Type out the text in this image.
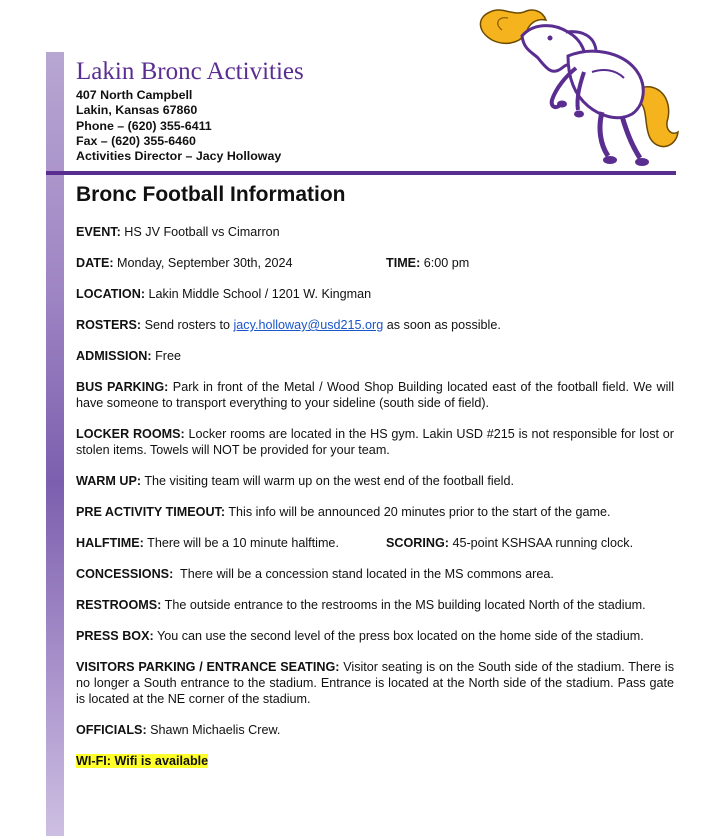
Lakin Bronc Activities
407 North Campbell
Lakin, Kansas 67860
Phone – (620) 355-6411
Fax – (620) 355-6460
Activities Director – Jacy Holloway
Bronc Football Information

EVENT: HS JV Football vs Cimarron

DATE: Monday, September 30th, 2024	TIME: 6:00 pm

LOCATION: Lakin Middle School / 1201 W. Kingman

ROSTERS: Send rosters to jacy.holloway@usd215.org as soon as possible.

ADMISSION: Free

BUS PARKING: Park in front of the Metal / Wood Shop Building located east of the football field. We will have someone to transport everything to your sideline (south side of field).

LOCKER ROOMS: Locker rooms are located in the HS gym. Lakin USD #215 is not responsible for lost or stolen items. Towels will NOT be provided for your team.

WARM UP: The visiting team will warm up on the west end of the football field.

PRE ACTIVITY TIMEOUT: This info will be announced 20 minutes prior to the start of the game.

HALFTIME: There will be a 10 minute halftime.	SCORING: 45-point KSHSAA running clock.

CONCESSIONS: There will be a concession stand located in the MS commons area.

RESTROOMS: The outside entrance to the restrooms in the MS building located North of the stadium.

PRESS BOX: You can use the second level of the press box located on the home side of the stadium.

VISITORS PARKING / ENTRANCE SEATING: Visitor seating is on the South side of the stadium. There is no longer a South entrance to the stadium. Entrance is located at the North side of the stadium. Pass gate is located at the NE corner of the stadium.

OFFICIALS: Shawn Michaelis Crew.

WI-FI: Wifi is available
